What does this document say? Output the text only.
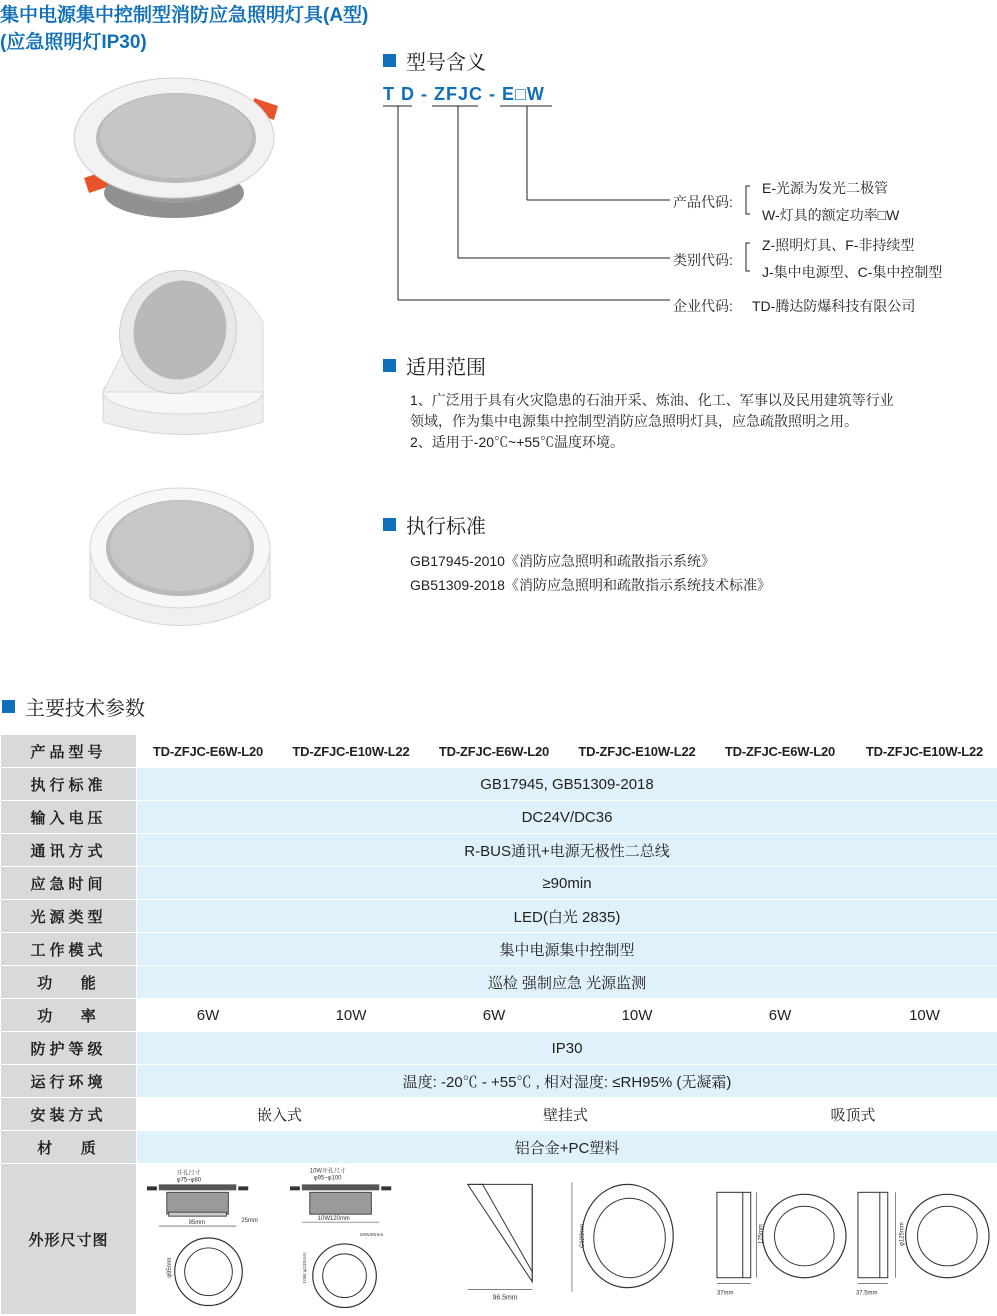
集中电源集中控制型消防应急照明灯具(A型)
(应急照明灯IP30)
型号含义
T D - ZFJC - E□W
产品代码:
E-光源为发光二极管
W-灯具的额定功率□W
类别代码:
Z-照明灯具、F-非持续型
J-集中电源型、C-集中控制型
企业代码: TD-腾达防爆科技有限公司
适用范围
1、广泛用于具有火灾隐患的石油开采、炼油、化工、军事以及民用建筑等行业
领域，作为集中电源集中控制型消防应急照明灯具，应急疏散照明之用。
2、适用于-20℃~+55℃温度环境。
执行标准
GB17945-2010《消防应急照明和疏散指示系统》
GB51309-2018《消防应急照明和疏散指示系统技术标准》
主要技术参数
产品型号	TD-ZFJC-E6W-L20	TD-ZFJC-E10W-L22	TD-ZFJC-E6W-L20	TD-ZFJC-E10W-L22	TD-ZFJC-E6W-L20	TD-ZFJC-E10W-L22
执行标准	GB17945, GB51309-2018					
输入电压	DC24V/DC36					
通讯方式	R-BUS通讯+电源无极性二总线					
应急时间	≥90min					
光源类型	LED(白光 2835)					
工作模式	集中电源集中控制型					
功   能	巡检 强制应急 光源监测					
功   率	6W	10W	6W	10W	6W	10W
防护等级	IP30					
运行环境	温度: -20℃ - +55℃ , 相对湿度: ≤RH95% (无凝霜)					
安装方式	嵌入式		壁挂式		吸顶式	
材   质	铝合金+PC塑料					
外形尺寸图	开孔尺寸
φ75~φ80
95mm 25mm
φ95mm	10W开孔尺寸
φ95~φ100
10W120mm
10W40mm
10W φ120mm	96.5mm	C123mm	37mm
125mm	37.5mm
φ125mm
